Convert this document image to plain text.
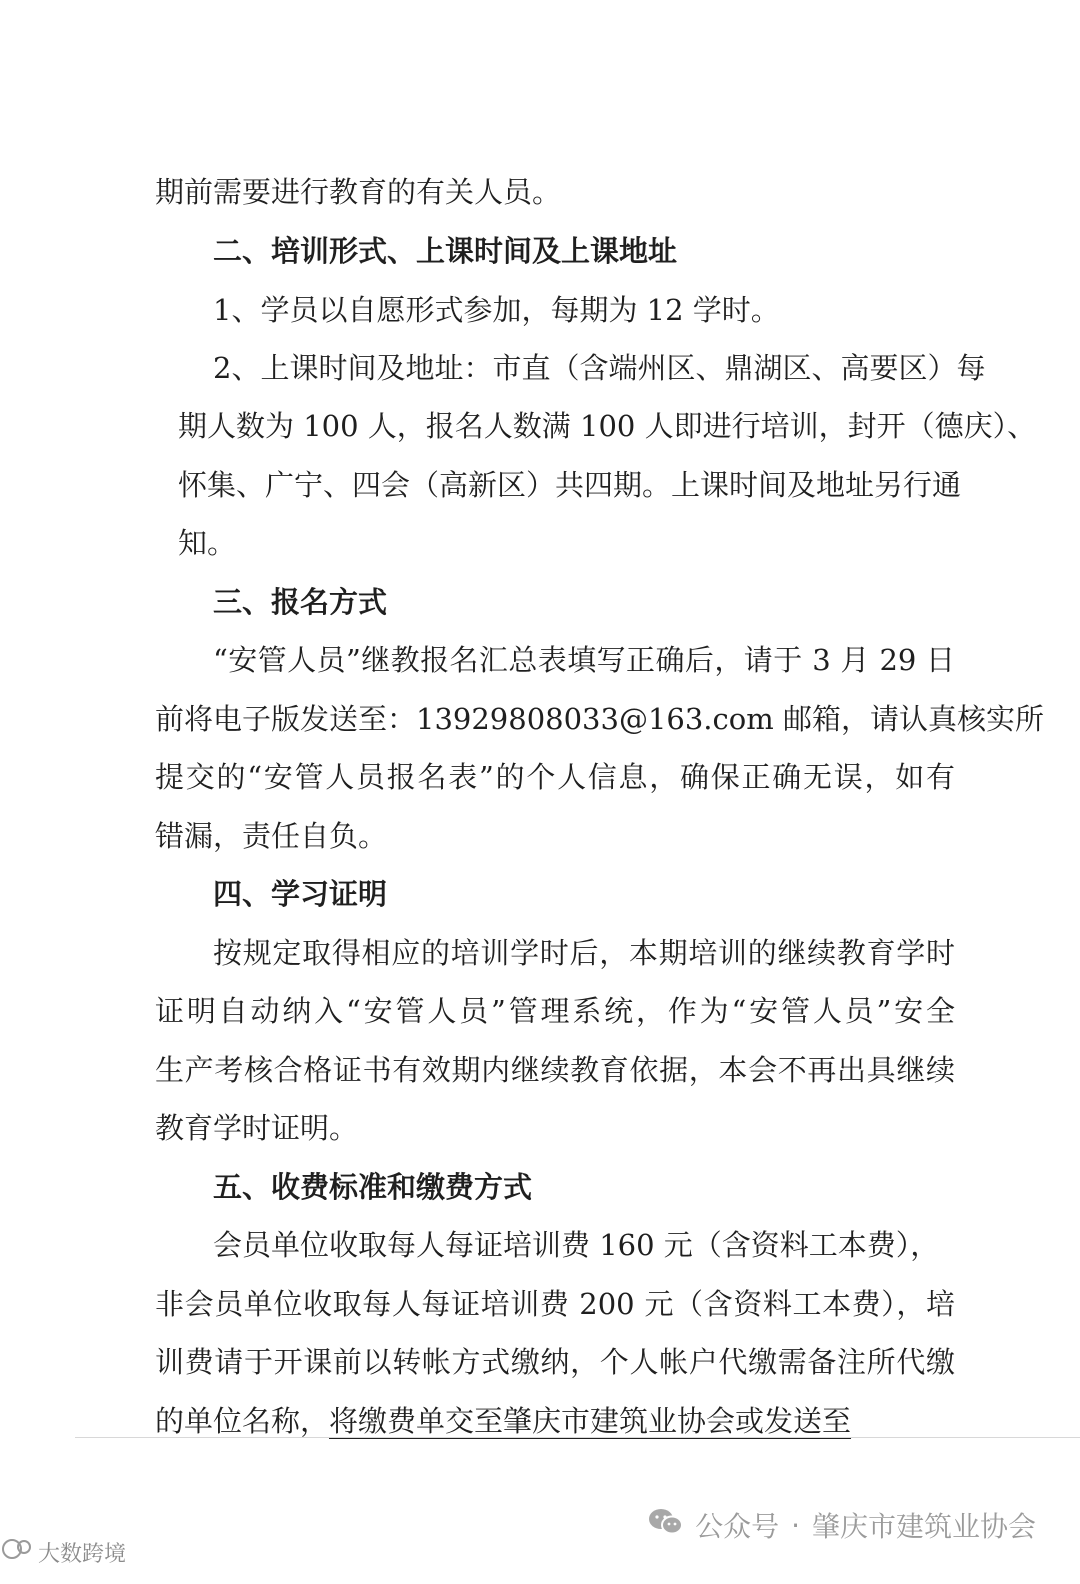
期前需要进行教育的有关人员。
二、培训形式、上课时间及上课地址
1、学员以自愿形式参加，每期为 12 学时。
2、上课时间及地址：市直（含端州区、鼎湖区、高要区）每
期人数为 100 人，报名人数满 100 人即进行培训，封开（德庆）、
怀集、广宁、四会（高新区）共四期。上课时间及地址另行通
知。
三、报名方式
“安管人员”继教报名汇总表填写正确后，请于 3 月 29 日
前将电子版发送至：13929808033@163.com 邮箱，请认真核实所
提交的“安管人员报名表”的个人信息，确保正确无误，如有
错漏，责任自负。
四、学习证明
按规定取得相应的培训学时后，本期培训的继续教育学时
证明自动纳入“安管人员”管理系统，作为“安管人员”安全
生产考核合格证书有效期内继续教育依据，本会不再出具继续
教育学时证明。
五、收费标准和缴费方式
会员单位收取每人每证培训费 160 元（含资料工本费），
非会员单位收取每人每证培训费 200 元（含资料工本费），培
训费请于开课前以转帐方式缴纳，个人帐户代缴需备注所代缴
的单位名称，将缴费单交至肇庆市建筑业协会或发送至
大数跨境
公众号 · 肇庆市建筑业协会
